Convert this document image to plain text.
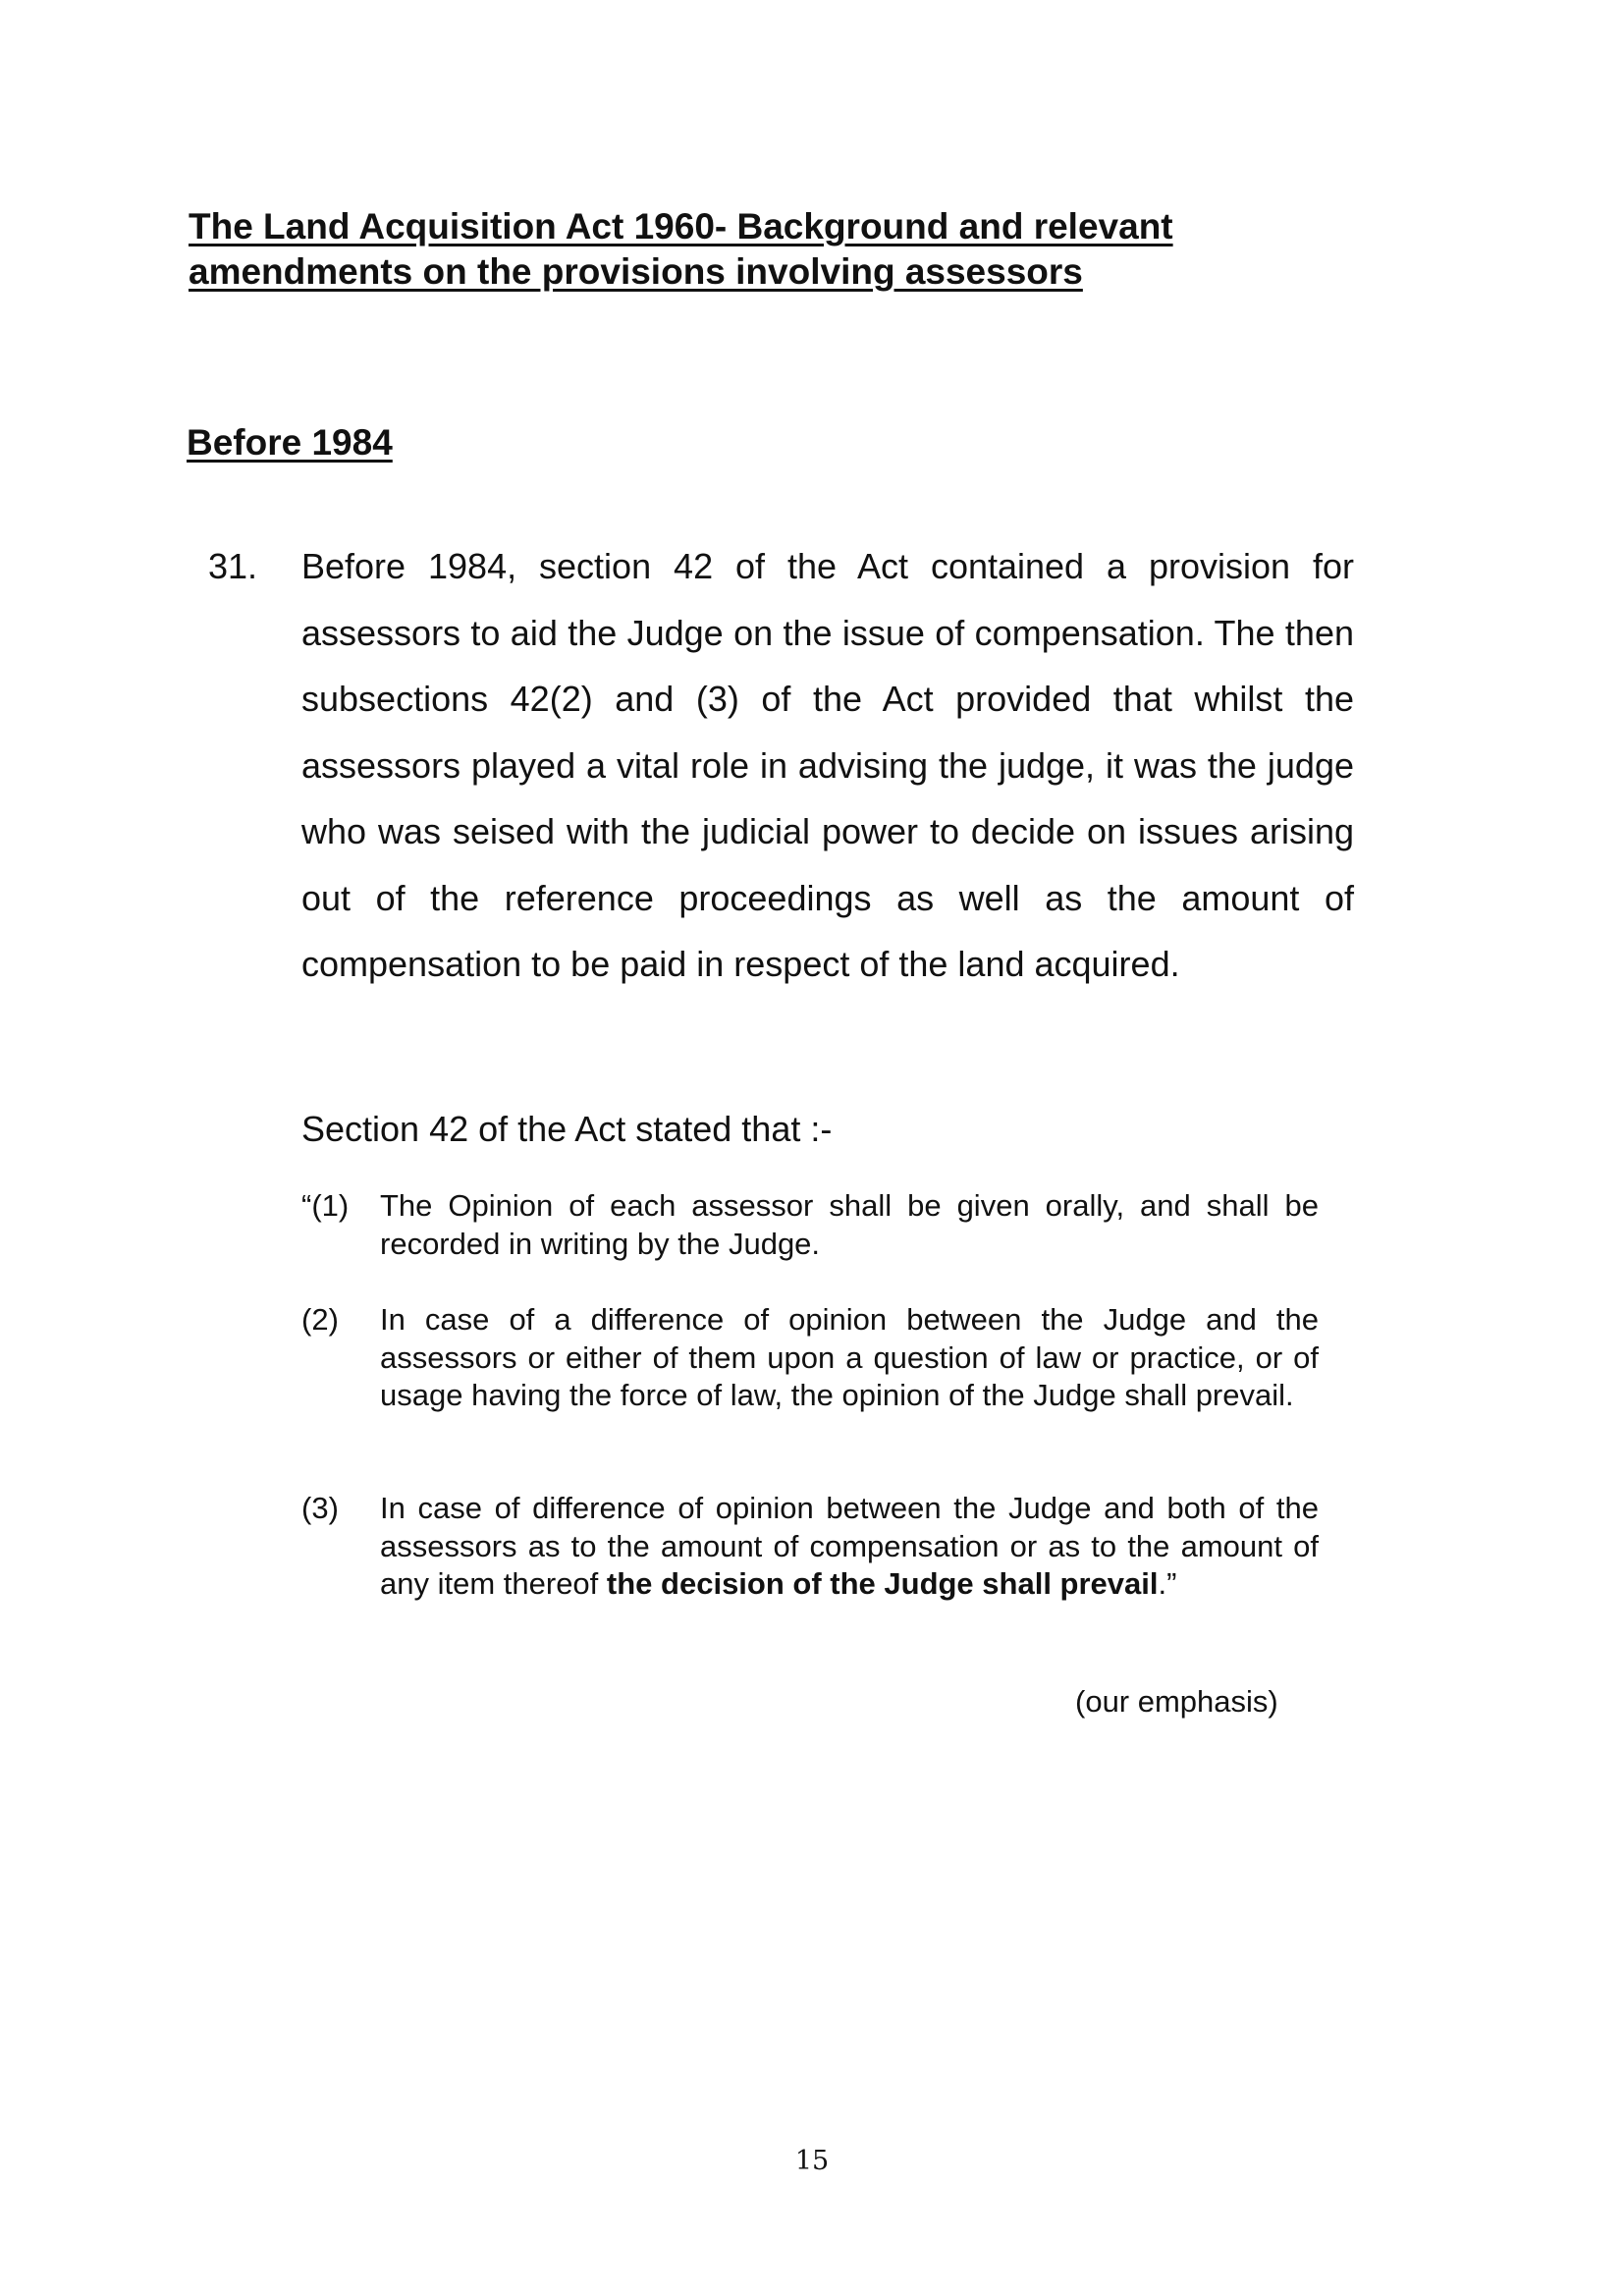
The Land Acquisition Act 1960- Background and relevant
amendments on the provisions involving assessors
Before 1984
31. Before 1984, section 42 of the Act contained a provision for assessors to aid the Judge on the issue of compensation. The then subsections 42(2) and (3) of the Act provided that whilst the assessors played a vital role in advising the judge, it was the judge who was seised with the judicial power to decide on issues arising out of the reference proceedings as well as the amount of compensation to be paid in respect of the land acquired.

Section 42 of the Act stated that :-

“(1) The Opinion of each assessor shall be given orally, and shall be recorded in writing by the Judge.
(2) In case of a difference of opinion between the Judge and the assessors or either of them upon a question of law or practice, or of usage having the force of law, the opinion of the Judge shall prevail.
(3) In case of difference of opinion between the Judge and both of the assessors as to the amount of compensation or as to the amount of any item thereof the decision of the Judge shall prevail.”
(our emphasis)
15
